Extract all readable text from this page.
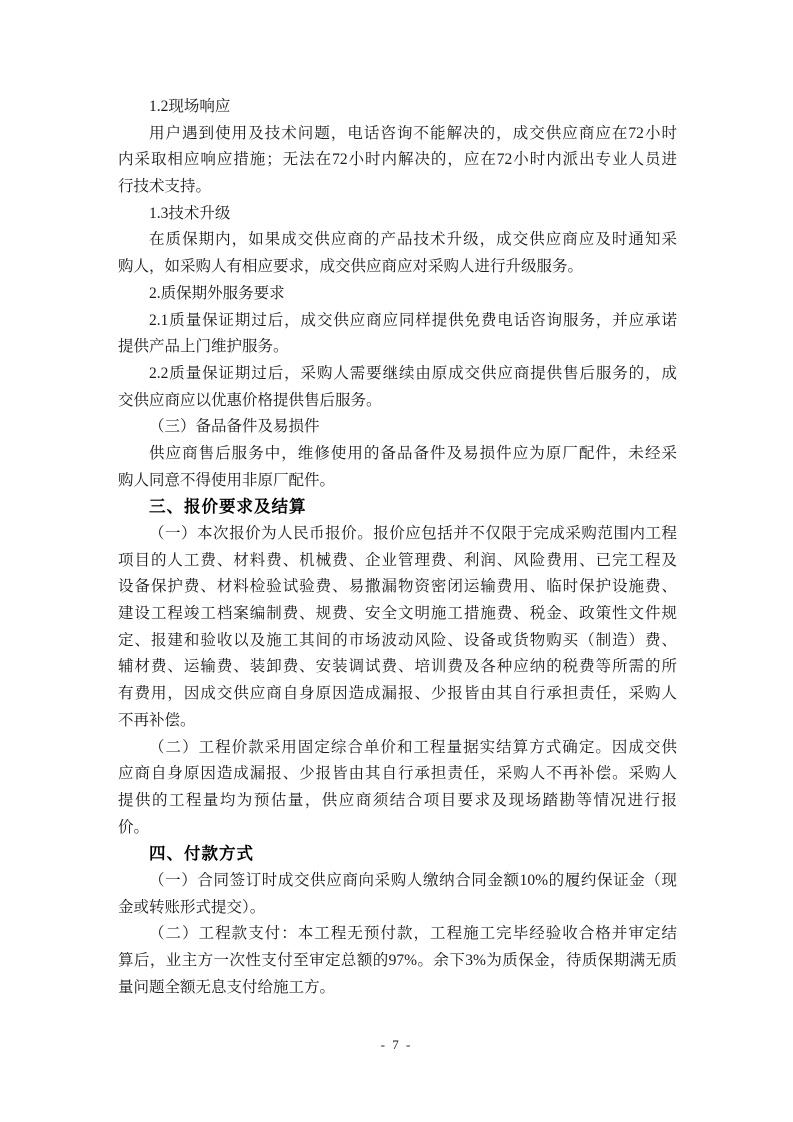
1.2现场响应
用户遇到使用及技术问题，电话咨询不能解决的，成交供应商应在72小时
内采取相应响应措施；无法在72小时内解决的，应在72小时内派出专业人员进
行技术支持。
1.3技术升级
在质保期内，如果成交供应商的产品技术升级，成交供应商应及时通知采
购人，如采购人有相应要求，成交供应商应对采购人进行升级服务。
2.质保期外服务要求
2.1质量保证期过后，成交供应商应同样提供免费电话咨询服务，并应承诺
提供产品上门维护服务。
2.2质量保证期过后，采购人需要继续由原成交供应商提供售后服务的，成
交供应商应以优惠价格提供售后服务。
（三）备品备件及易损件
供应商售后服务中，维修使用的备品备件及易损件应为原厂配件，未经采
购人同意不得使用非原厂配件。
三、报价要求及结算
（一）本次报价为人民币报价。报价应包括并不仅限于完成采购范围内工程
项目的人工费、材料费、机械费、企业管理费、利润、风险费用、已完工程及
设备保护费、材料检验试验费、易撒漏物资密闭运输费用、临时保护设施费、
建设工程竣工档案编制费、规费、安全文明施工措施费、税金、政策性文件规
定、报建和验收以及施工其间的市场波动风险、设备或货物购买（制造）费、
辅材费、运输费、装卸费、安装调试费、培训费及各种应纳的税费等所需的所
有费用，因成交供应商自身原因造成漏报、少报皆由其自行承担责任，采购人
不再补偿。
（二）工程价款采用固定综合单价和工程量据实结算方式确定。因成交供
应商自身原因造成漏报、少报皆由其自行承担责任，采购人不再补偿。采购人
提供的工程量均为预估量，供应商须结合项目要求及现场踏勘等情况进行报
价。
四、付款方式
（一）合同签订时成交供应商向采购人缴纳合同金额10%的履约保证金（现
金或转账形式提交）。
（二）工程款支付：本工程无预付款，工程施工完毕经验收合格并审定结
算后，业主方一次性支付至审定总额的97%。余下3%为质保金，待质保期满无质
量问题全额无息支付给施工方。
- 7 -
